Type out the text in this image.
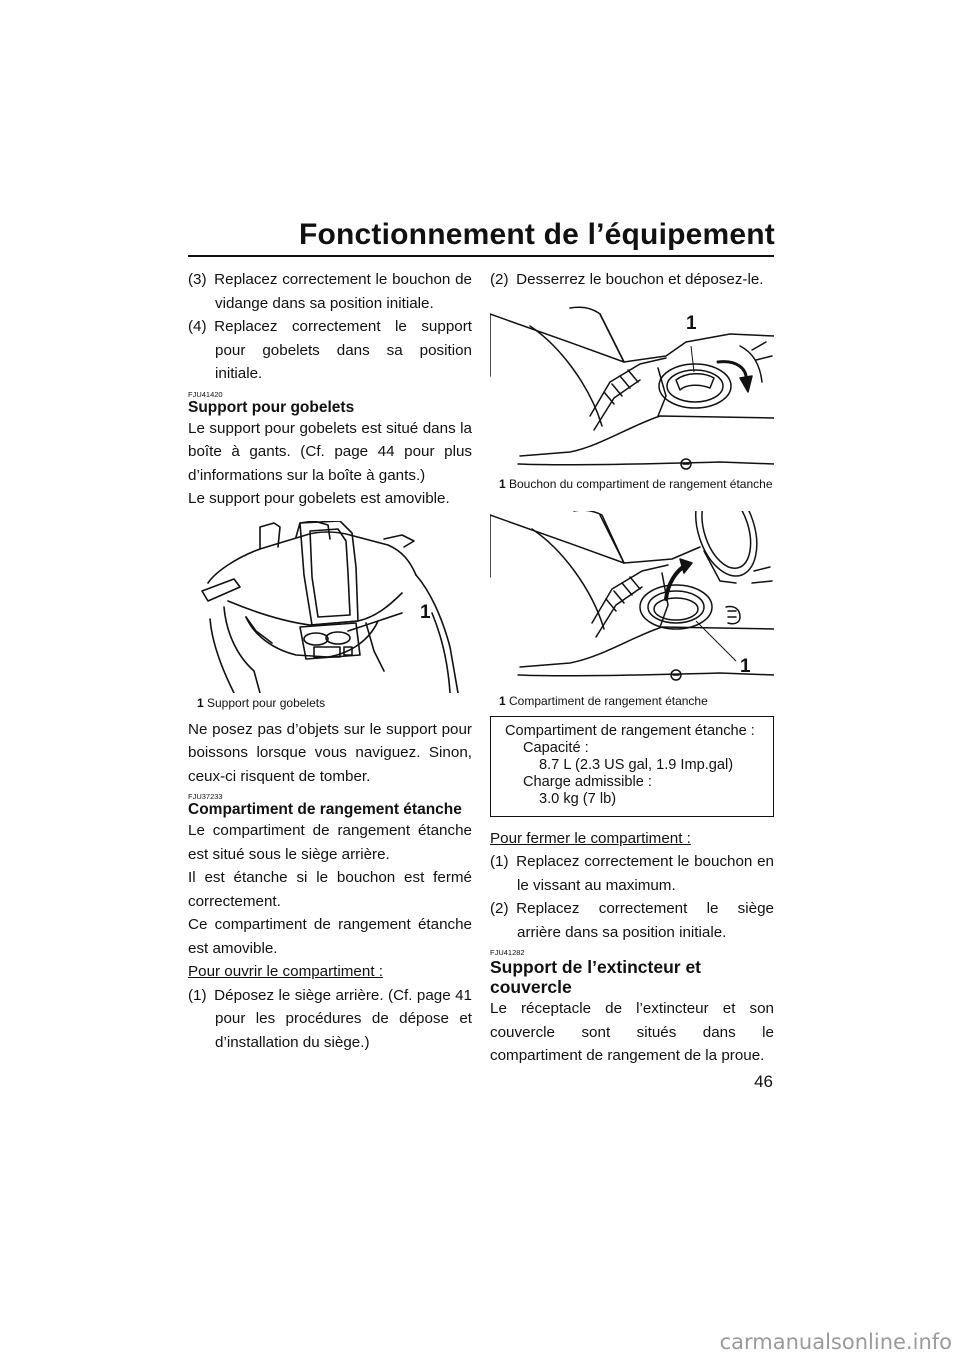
Fonctionnement de l’équipement

(3) Replacez correctement le bouchon de vidange dans sa position initiale.

(4) Replacez correctement le support pour gobelets dans sa position initiale.

FJU41420
Support pour gobelets

Le support pour gobelets est situé dans la boîte à gants. (Cf. page 44 pour plus d’informations sur la boîte à gants.)

Le support pour gobelets est amovible.

1
1 Support pour gobelets

Ne posez pas d’objets sur le support pour boissons lorsque vous naviguez. Sinon, ceux-ci risquent de tomber.

FJU37233
Compartiment de rangement étanche

Le compartiment de rangement étanche est situé sous le siège arrière.

Il est étanche si le bouchon est fermé correctement.

Ce compartiment de rangement étanche est amovible.

Pour ouvrir le compartiment :

(1) Déposez le siège arrière. (Cf. page 41 pour les procédures de dépose et d’installation du siège.)

(2) Desserrez le bouchon et déposez-le.

1
1 Bouchon du compartiment de rangement étanche
1
1 Compartiment de rangement étanche
Compartiment de rangement étanche :
Capacité :
8.7 L (2.3 US gal, 1.9 Imp.gal)
Charge admissible :
3.0 kg (7 lb)

Pour fermer le compartiment :

(1) Replacez correctement le bouchon en le vissant au maximum.

(2) Replacez correctement le siège arrière dans sa position initiale.

FJU41282
Support de l’extincteur et couvercle

Le réceptacle de l’extincteur et son couvercle sont situés dans le compartiment de rangement de la proue.

46
carmanualsonline.info
